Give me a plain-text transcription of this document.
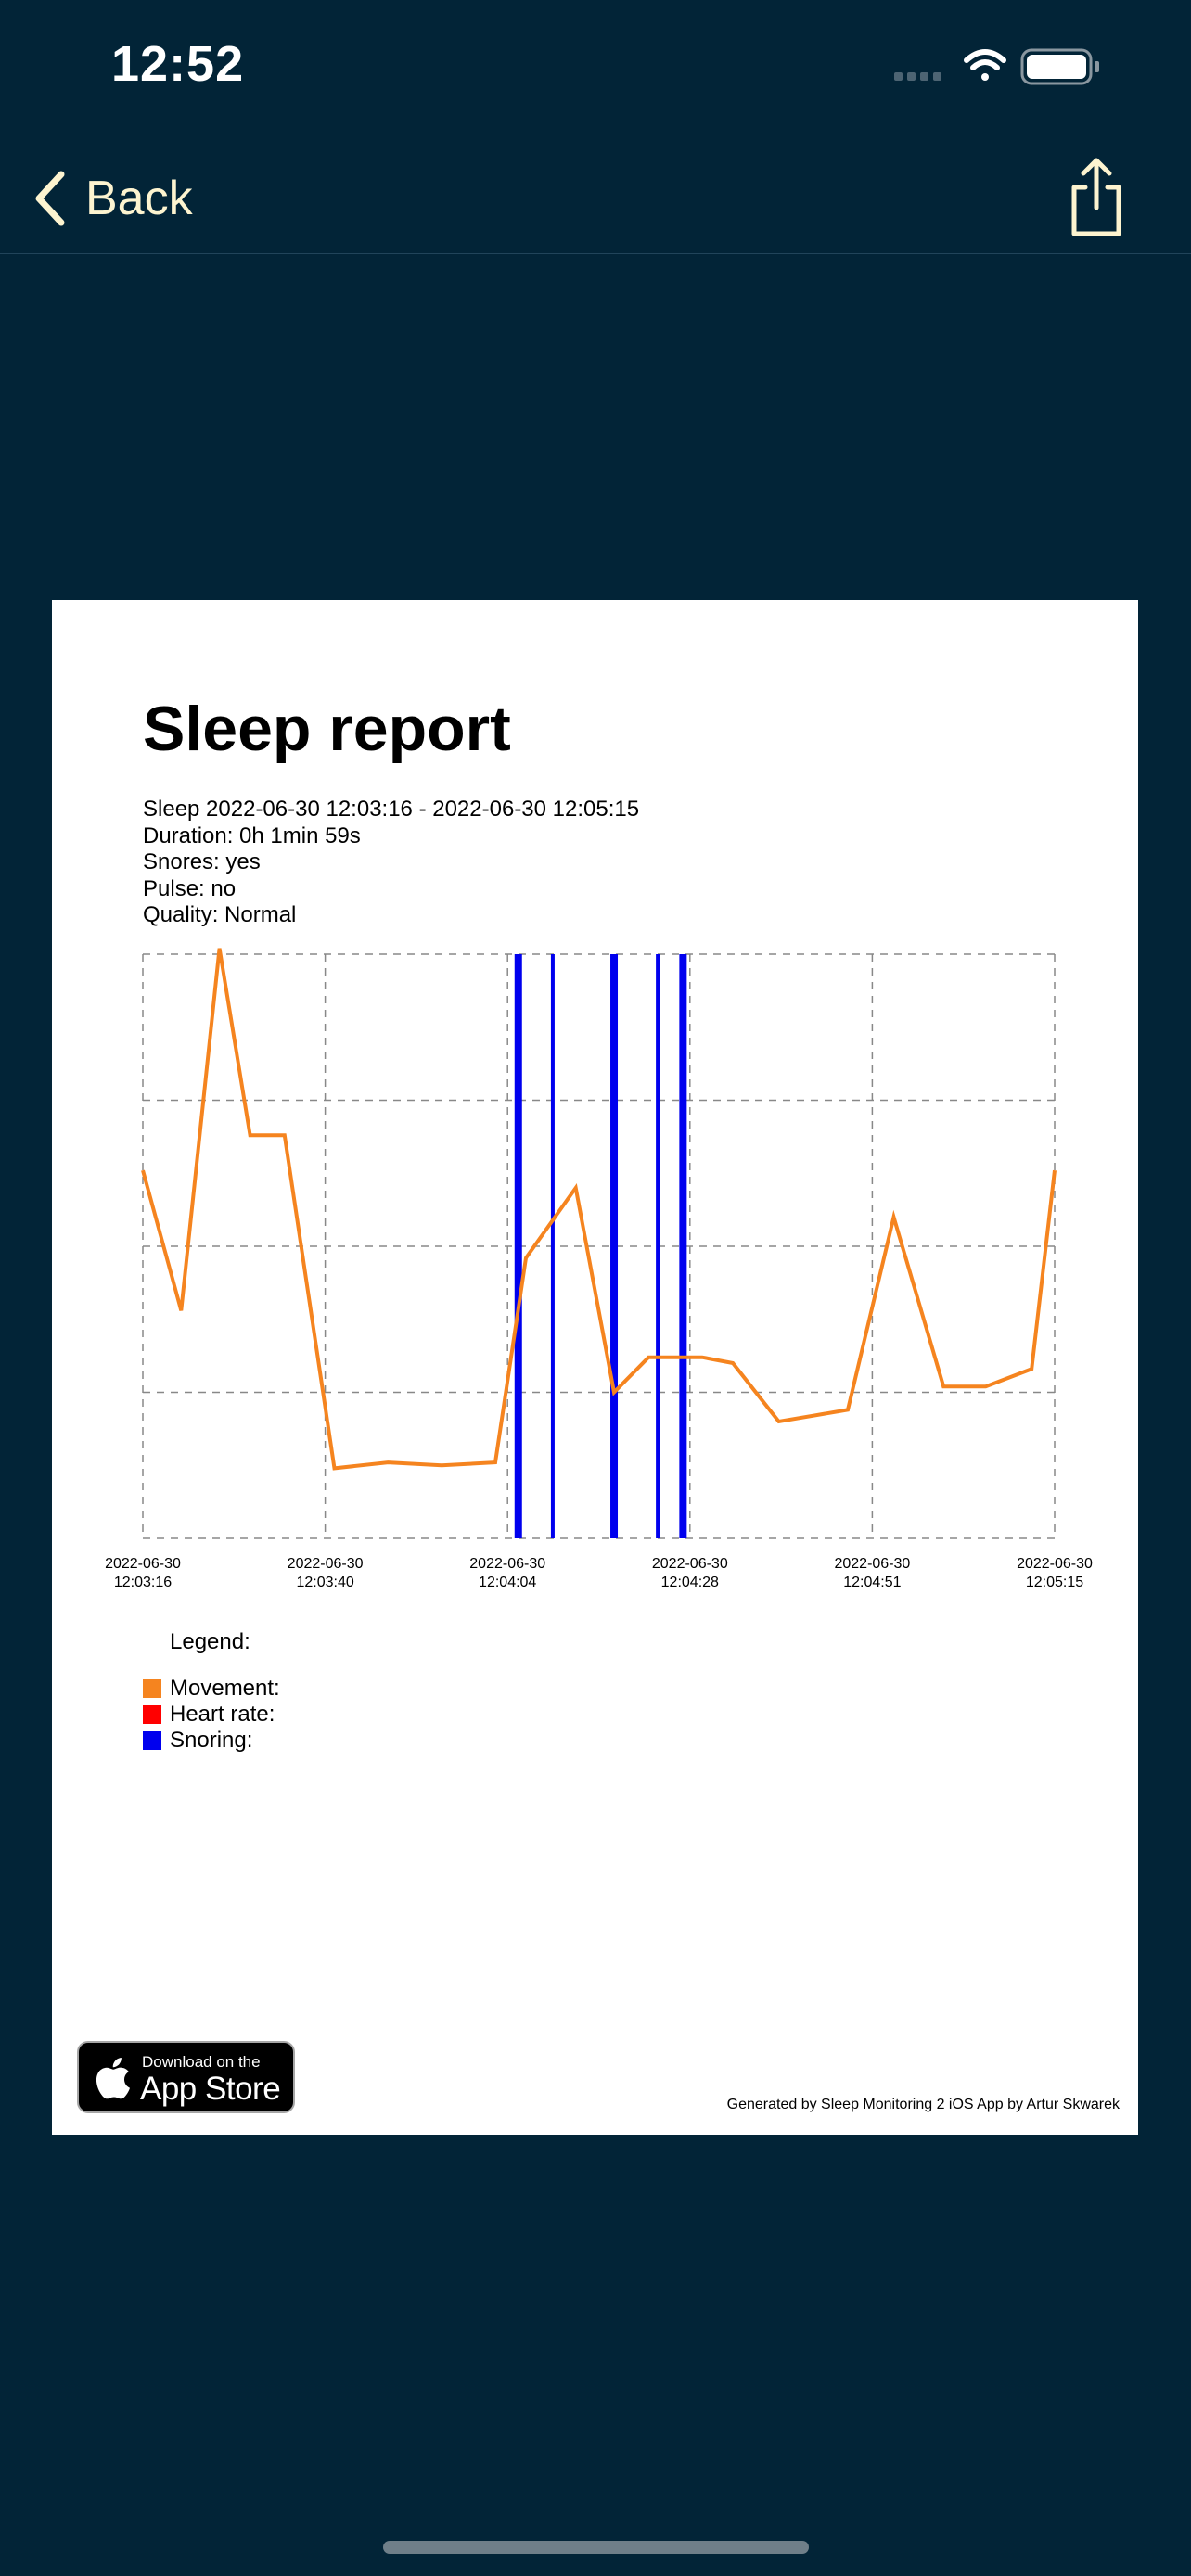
12:52
Back
Sleep report
Sleep 2022-06-30 12:03:16 - 2022-06-30 12:05:15
Duration: 0h 1min 59s
Snores: yes
Pulse: no
Quality: Normal
2022-06-30
12:03:16
2022-06-30
12:03:40
2022-06-30
12:04:04
2022-06-30
12:04:28
2022-06-30
12:04:51
2022-06-30
12:05:15
Legend:
Movement:
Heart rate:
Snoring:
Download on the
App Store	Generated by Sleep Monitoring 2 iOS App by Artur Skwarek
